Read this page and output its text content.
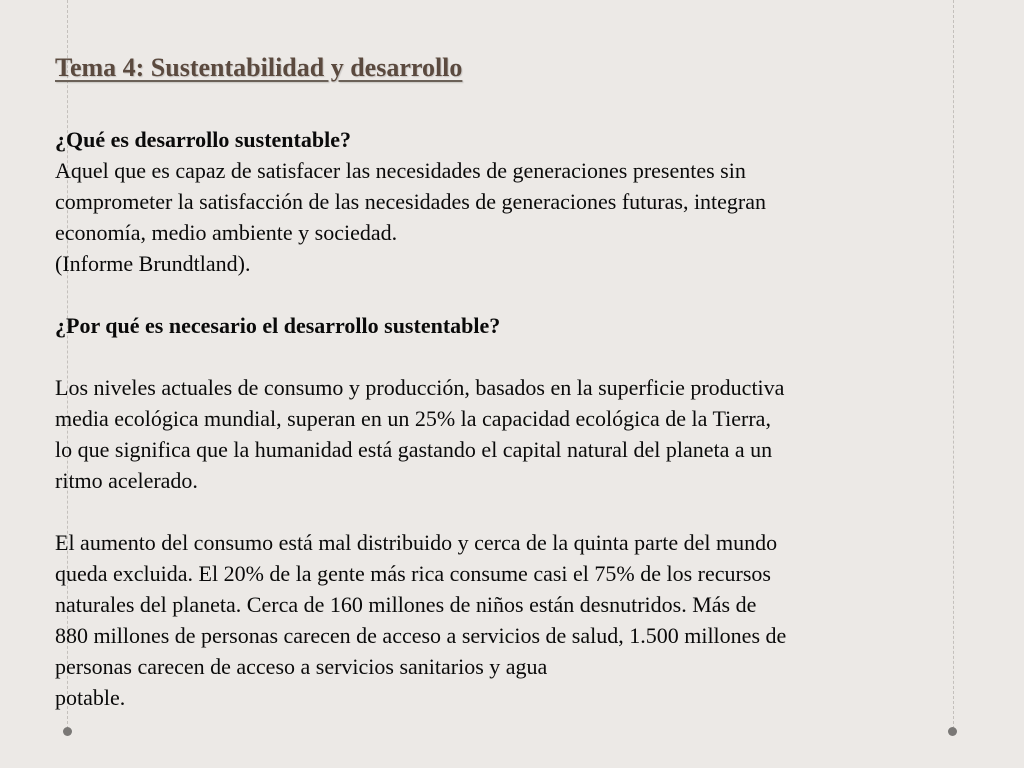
Tema 4: Sustentabilidad y desarrollo

¿Qué es desarrollo sustentable?

Aquel que es capaz de satisfacer las necesidades de generaciones presentes sin

comprometer la satisfacción de las necesidades de generaciones futuras, integran

economía, medio ambiente y sociedad.

(Informe Brundtland).

¿Por qué es necesario el desarrollo sustentable?

Los niveles actuales de consumo y producción, basados en la superficie productiva

media ecológica mundial, superan en un 25% la capacidad ecológica de la Tierra,

lo que significa que la humanidad está gastando el capital natural del planeta a un

ritmo acelerado.

El aumento del consumo está mal distribuido y cerca de la quinta parte del mundo

queda excluida. El 20% de la gente más rica consume casi el 75% de los recursos

naturales del planeta. Cerca de 160 millones de niños están desnutridos. Más de

880 millones de personas carecen de acceso a servicios de salud, 1.500 millones de

personas carecen de acceso a servicios sanitarios y agua

potable.
